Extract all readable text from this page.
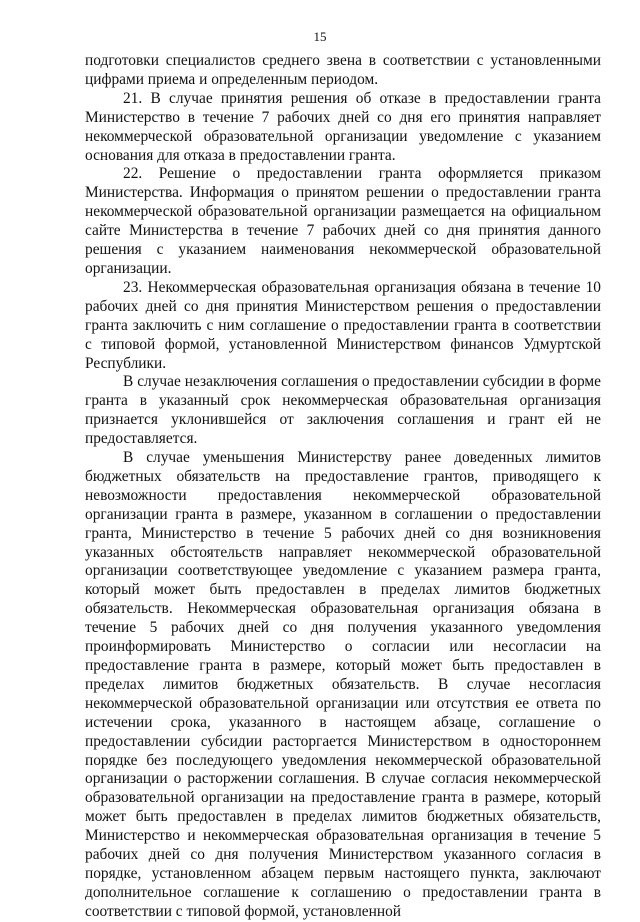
15

подготовки специалистов среднего звена в соответствии с установленными цифрами приема и определенным периодом.

21. В случае принятия решения об отказе в предоставлении гранта Министерство в течение 7 рабочих дней со дня его принятия направляет некоммерческой образовательной организации уведомление с указанием основания для отказа в предоставлении гранта.

22. Решение о предоставлении гранта оформляется приказом Министерства. Информация о принятом решении о предоставлении гранта некоммерческой образовательной организации размещается на официальном сайте Министерства в течение 7 рабочих дней со дня принятия данного решения с указанием наименования некоммерческой образовательной организации.

23. Некоммерческая образовательная организация обязана в течение 10 рабочих дней со дня принятия Министерством решения о предоставлении гранта заключить с ним соглашение о предоставлении гранта в соответствии с типовой формой, установленной Министерством финансов Удмуртской Республики.

В случае незаключения соглашения о предоставлении субсидии в форме гранта в указанный срок некоммерческая образовательная организация признается уклонившейся от заключения соглашения и грант ей не предоставляется.

В случае уменьшения Министерству ранее доведенных лимитов бюджетных обязательств на предоставление грантов, приводящего к невозможности предоставления некоммерческой образовательной организации гранта в размере, указанном в соглашении о предоставлении гранта, Министерство в течение 5 рабочих дней со дня возникновения указанных обстоятельств направляет некоммерческой образовательной организации соответствующее уведомление с указанием размера гранта, который может быть предоставлен в пределах лимитов бюджетных обязательств. Некоммерческая образовательная организация обязана в течение 5 рабочих дней со дня получения указанного уведомления проинформировать Министерство о согласии или несогласии на предоставление гранта в размере, который может быть предоставлен в пределах лимитов бюджетных обязательств. В случае несогласия некоммерческой образовательной организации или отсутствия ее ответа по истечении срока, указанного в настоящем абзаце, соглашение о предоставлении субсидии расторгается Министерством в одностороннем порядке без последующего уведомления некоммерческой образовательной организации о расторжении соглашения. В случае согласия некоммерческой образовательной организации на предоставление гранта в размере, который может быть предоставлен в пределах лимитов бюджетных обязательств, Министерство и некоммерческая образовательная организация в течение 5 рабочих дней со дня получения Министерством указанного согласия в порядке, установленном абзацем первым настоящего пункта, заключают дополнительное соглашение к соглашению о предоставлении гранта в соответствии с типовой формой, установленной
